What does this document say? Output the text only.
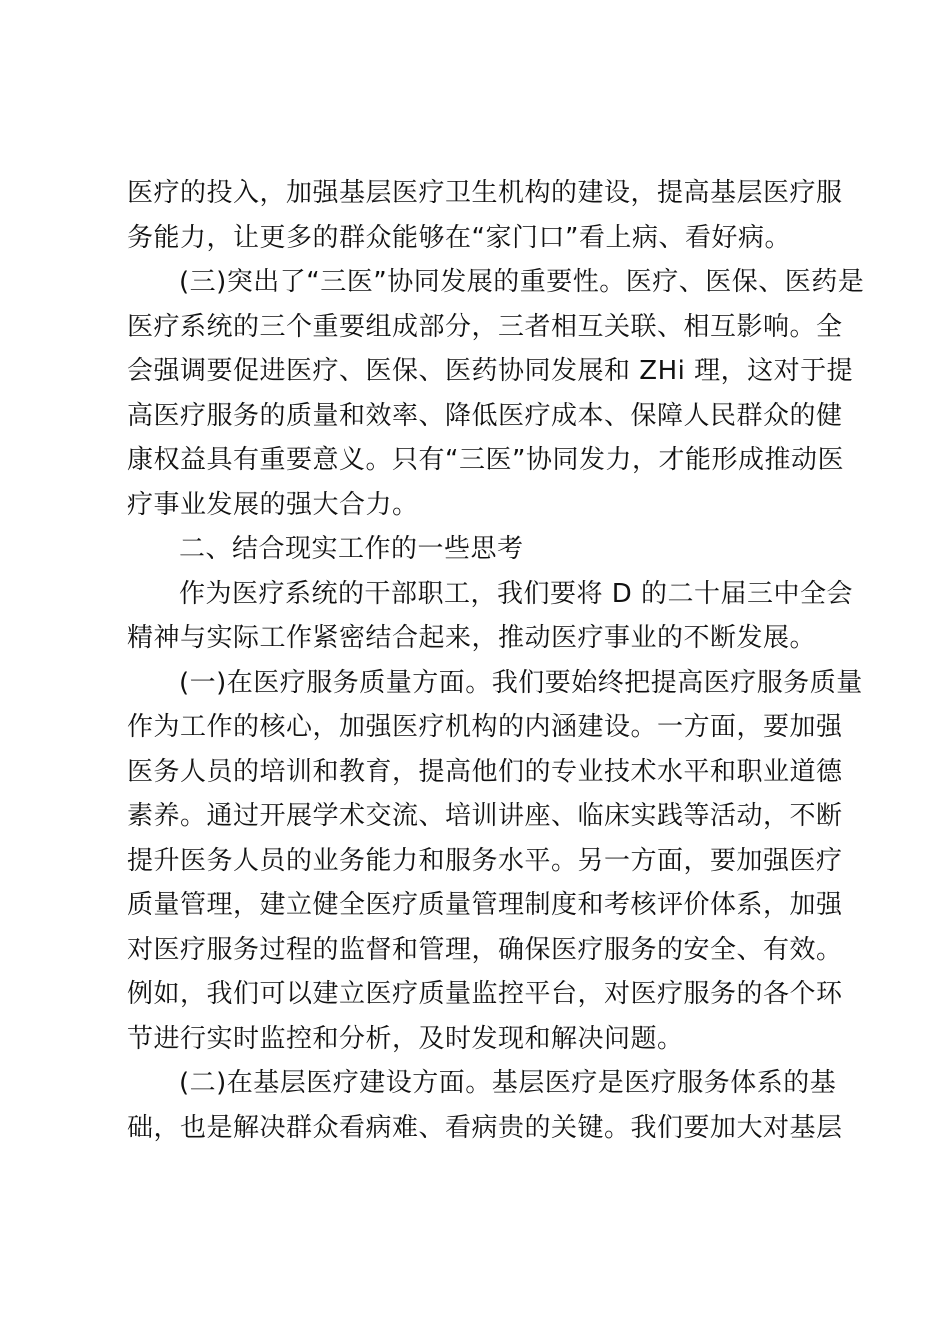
医疗的投入，加强基层医疗卫生机构的建设，提高基层医疗服
务能力，让更多的群众能够在“家门口”看上病、看好病。
(三)突出了“三医”协同发展的重要性。医疗、医保、医药是
医疗系统的三个重要组成部分，三者相互关联、相互影响。全
会强调要促进医疗、医保、医药协同发展和 ZHi 理，这对于提
高医疗服务的质量和效率、降低医疗成本、保障人民群众的健
康权益具有重要意义。只有“三医”协同发力，才能形成推动医
疗事业发展的强大合力。
二、结合现实工作的一些思考
作为医疗系统的干部职工，我们要将 D 的二十届三中全会
精神与实际工作紧密结合起来，推动医疗事业的不断发展。
(一)在医疗服务质量方面。我们要始终把提高医疗服务质量
作为工作的核心，加强医疗机构的内涵建设。一方面，要加强
医务人员的培训和教育，提高他们的专业技术水平和职业道德
素养。通过开展学术交流、培训讲座、临床实践等活动，不断
提升医务人员的业务能力和服务水平。另一方面，要加强医疗
质量管理，建立健全医疗质量管理制度和考核评价体系，加强
对医疗服务过程的监督和管理，确保医疗服务的安全、有效。
例如，我们可以建立医疗质量监控平台，对医疗服务的各个环
节进行实时监控和分析，及时发现和解决问题。
(二)在基层医疗建设方面。基层医疗是医疗服务体系的基
础，也是解决群众看病难、看病贵的关键。我们要加大对基层
